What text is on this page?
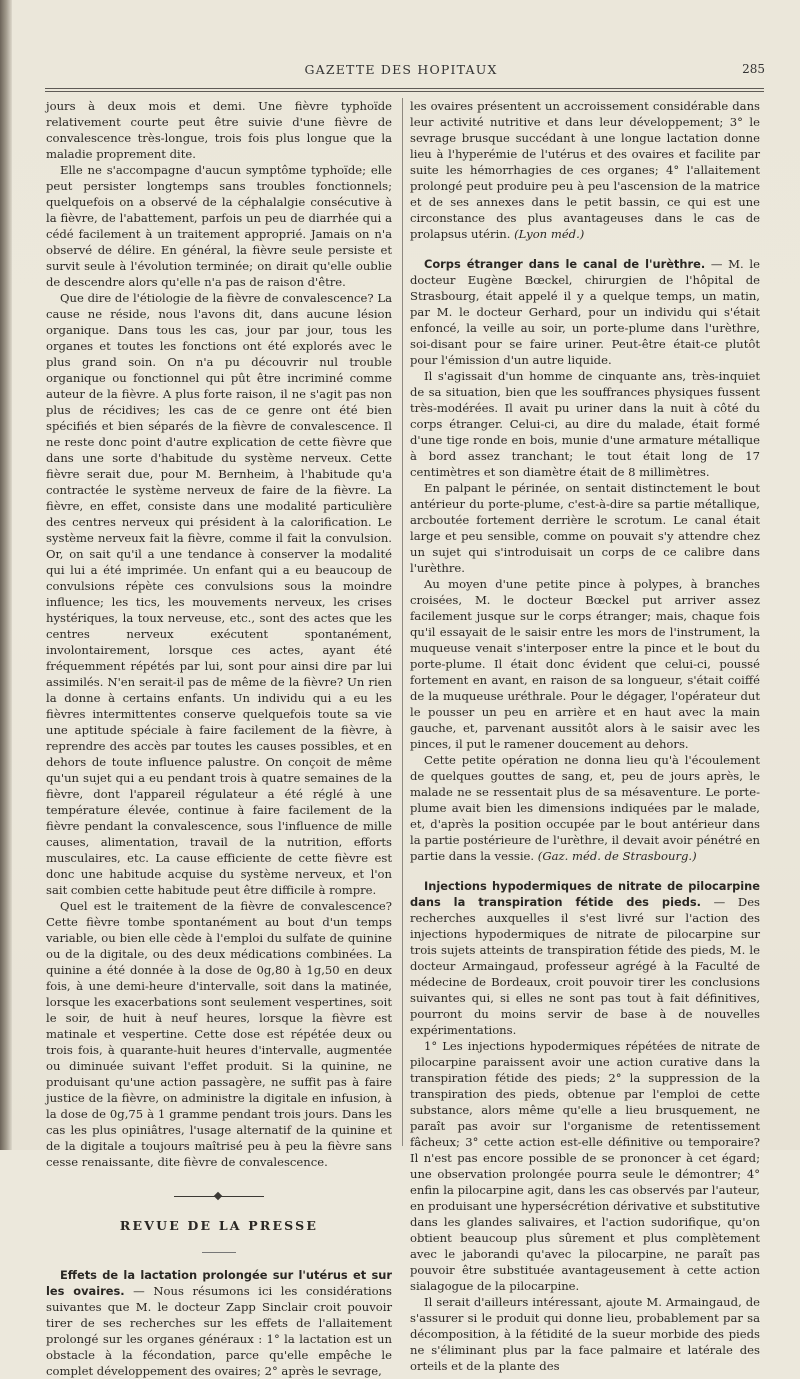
GAZETTE DES HOPITAUX	285

jours à deux mois et demi. Une fièvre typhoïde relativement courte peut être suivie d'une fièvre de convalescence très-longue, trois fois plus longue que la maladie proprement dite.

Elle ne s'accompagne d'aucun symptôme typhoïde; elle peut persister longtemps sans troubles fonctionnels; quelquefois on a observé de la céphalalgie consécutive à la fièvre, de l'abattement, parfois un peu de diarrhée qui a cédé facilement à un traitement approprié. Jamais on n'a observé de délire. En général, la fièvre seule persiste et survit seule à l'évolution terminée; on dirait qu'elle oublie de descendre alors qu'elle n'a pas de raison d'être.

Que dire de l'étiologie de la fièvre de convalescence? La cause ne réside, nous l'avons dit, dans aucune lésion organique. Dans tous les cas, jour par jour, tous les organes et toutes les fonctions ont été explorés avec le plus grand soin. On n'a pu découvrir nul trouble organique ou fonctionnel qui pût être incriminé comme auteur de la fièvre. A plus forte raison, il ne s'agit pas non plus de récidives; les cas de ce genre ont été bien spécifiés et bien séparés de la fièvre de convalescence. Il ne reste donc point d'autre explication de cette fièvre que dans une sorte d'habitude du système nerveux. Cette fièvre serait due, pour M. Bernheim, à l'habitude qu'a contractée le système nerveux de faire de la fièvre. La fièvre, en effet, consiste dans une modalité particulière des centres nerveux qui président à la calorification. Le système nerveux fait la fièvre, comme il fait la convulsion. Or, on sait qu'il a une tendance à conserver la modalité qui lui a été imprimée. Un enfant qui a eu beaucoup de convulsions répète ces convulsions sous la moindre influence; les tics, les mouvements nerveux, les crises hystériques, la toux nerveuse, etc., sont des actes que les centres nerveux exécutent spontanément, involontairement, lorsque ces actes, ayant été fréquemment répétés par lui, sont pour ainsi dire par lui assimilés. N'en serait-il pas de même de la fièvre? Un rien la donne à certains enfants. Un individu qui a eu les fièvres intermittentes conserve quelquefois toute sa vie une aptitude spéciale à faire facilement de la fièvre, à reprendre des accès par toutes les causes possibles, et en dehors de toute influence palustre. On conçoit de même qu'un sujet qui a eu pendant trois à quatre semaines de la fièvre, dont l'appareil régulateur a été réglé à une température élevée, continue à faire facilement de la fièvre pendant la convalescence, sous l'influence de mille causes, alimentation, travail de la nutrition, efforts musculaires, etc. La cause efficiente de cette fièvre est donc une habitude acquise du système nerveux, et l'on sait combien cette habitude peut être difficile à rompre.

Quel est le traitement de la fièvre de convalescence? Cette fièvre tombe spontanément au bout d'un temps variable, ou bien elle cède à l'emploi du sulfate de quinine ou de la digitale, ou des deux médications combinées. La quinine a été donnée à la dose de 0g,80 à 1g,50 en deux fois, à une demi-heure d'intervalle, soit dans la matinée, lorsque les exacerbations sont seulement vespertines, soit le soir, de huit à neuf heures, lorsque la fièvre est matinale et vespertine. Cette dose est répétée deux ou trois fois, à quarante-huit heures d'intervalle, augmentée ou diminuée suivant l'effet produit. Si la quinine, ne produisant qu'une action passagère, ne suffit pas à faire justice de la fièvre, on administre la digitale en infusion, à la dose de 0g,75 à 1 gramme pendant trois jours. Dans les cas les plus opiniâtres, l'usage alternatif de la quinine et de la digitale a toujours maîtrisé peu à peu la fièvre sans cesse renaissante, dite fièvre de convalescence.

REVUE DE LA PRESSE

Effets de la lactation prolongée sur l'utérus et sur les ovaires. — Nous résumons ici les considérations suivantes que M. le docteur Zapp Sinclair croit pouvoir tirer de ses recherches sur les effets de l'allaitement prolongé sur les organes généraux : 1° la lactation est un obstacle à la fécondation, parce qu'elle empêche le complet développement des ovaires; 2° après le sevrage,

les ovaires présentent un accroissement considérable dans leur activité nutritive et dans leur développement; 3° le sevrage brusque succédant à une longue lactation donne lieu à l'hyperémie de l'utérus et des ovaires et facilite par suite les hémorrhagies de ces organes; 4° l'allaitement prolongé peut produire peu à peu l'ascension de la matrice et de ses annexes dans le petit bassin, ce qui est une circonstance des plus avantageuses dans le cas de prolapsus utérin. (Lyon méd.)

Corps étranger dans le canal de l'urèthre. — M. le docteur Eugène Bœckel, chirurgien de l'hôpital de Strasbourg, était appelé il y a quelque temps, un matin, par M. le docteur Gerhard, pour un individu qui s'était enfoncé, la veille au soir, un porte-plume dans l'urèthre, soi-disant pour se faire uriner. Peut-être était-ce plutôt pour l'émission d'un autre liquide.

Il s'agissait d'un homme de cinquante ans, très-inquiet de sa situation, bien que les souffrances physiques fussent très-modérées. Il avait pu uriner dans la nuit à côté du corps étranger. Celui-ci, au dire du malade, était formé d'une tige ronde en bois, munie d'une armature métallique à bord assez tranchant; le tout était long de 17 centimètres et son diamètre était de 8 millimètres.

En palpant le périnée, on sentait distinctement le bout antérieur du porte-plume, c'est-à-dire sa partie métallique, arcboutée fortement derrière le scrotum. Le canal était large et peu sensible, comme on pouvait s'y attendre chez un sujet qui s'introduisait un corps de ce calibre dans l'urèthre.

Au moyen d'une petite pince à polypes, à branches croisées, M. le docteur Bœckel put arriver assez facilement jusque sur le corps étranger; mais, chaque fois qu'il essayait de le saisir entre les mors de l'instrument, la muqueuse venait s'interposer entre la pince et le bout du porte-plume. Il était donc évident que celui-ci, poussé fortement en avant, en raison de sa longueur, s'était coiffé de la muqueuse uréthrale. Pour le dégager, l'opérateur dut le pousser un peu en arrière et en haut avec la main gauche, et, parvenant aussitôt alors à le saisir avec les pinces, il put le ramener doucement au dehors.

Cette petite opération ne donna lieu qu'à l'écoulement de quelques gouttes de sang, et, peu de jours après, le malade ne se ressentait plus de sa mésaventure. Le porte-plume avait bien les dimensions indiquées par le malade, et, d'après la position occupée par le bout antérieur dans la partie postérieure de l'urèthre, il devait avoir pénétré en partie dans la vessie. (Gaz. méd. de Strasbourg.)

Injections hypodermiques de nitrate de pilocarpine dans la transpiration fétide des pieds. — Des recherches auxquelles il s'est livré sur l'action des injections hypodermiques de nitrate de pilocarpine sur trois sujets atteints de transpiration fétide des pieds, M. le docteur Armaingaud, professeur agrégé à la Faculté de médecine de Bordeaux, croit pouvoir tirer les conclusions suivantes qui, si elles ne sont pas tout à fait définitives, pourront du moins servir de base à de nouvelles expérimentations.

1° Les injections hypodermiques répétées de nitrate de pilocarpine paraissent avoir une action curative dans la transpiration fétide des pieds; 2° la suppression de la transpiration des pieds, obtenue par l'emploi de cette substance, alors même qu'elle a lieu brusquement, ne paraît pas avoir sur l'organisme de retentissement fâcheux; 3° cette action est-elle définitive ou temporaire? Il n'est pas encore possible de se prononcer à cet égard; une observation prolongée pourra seule le démontrer; 4° enfin la pilocarpine agit, dans les cas observés par l'auteur, en produisant une hypersécrétion dérivative et substitutive dans les glandes salivaires, et l'action sudorifique, qu'on obtient beaucoup plus sûrement et plus complètement avec le jaborandi qu'avec la pilocarpine, ne paraît pas pouvoir être substituée avantageusement à cette action sialagogue de la pilocarpine.

Il serait d'ailleurs intéressant, ajoute M. Armaingaud, de s'assurer si le produit qui donne lieu, probablement par sa décomposition, à la fétidité de la sueur morbide des pieds ne s'éliminant plus par la face palmaire et latérale des orteils et de la plante des
